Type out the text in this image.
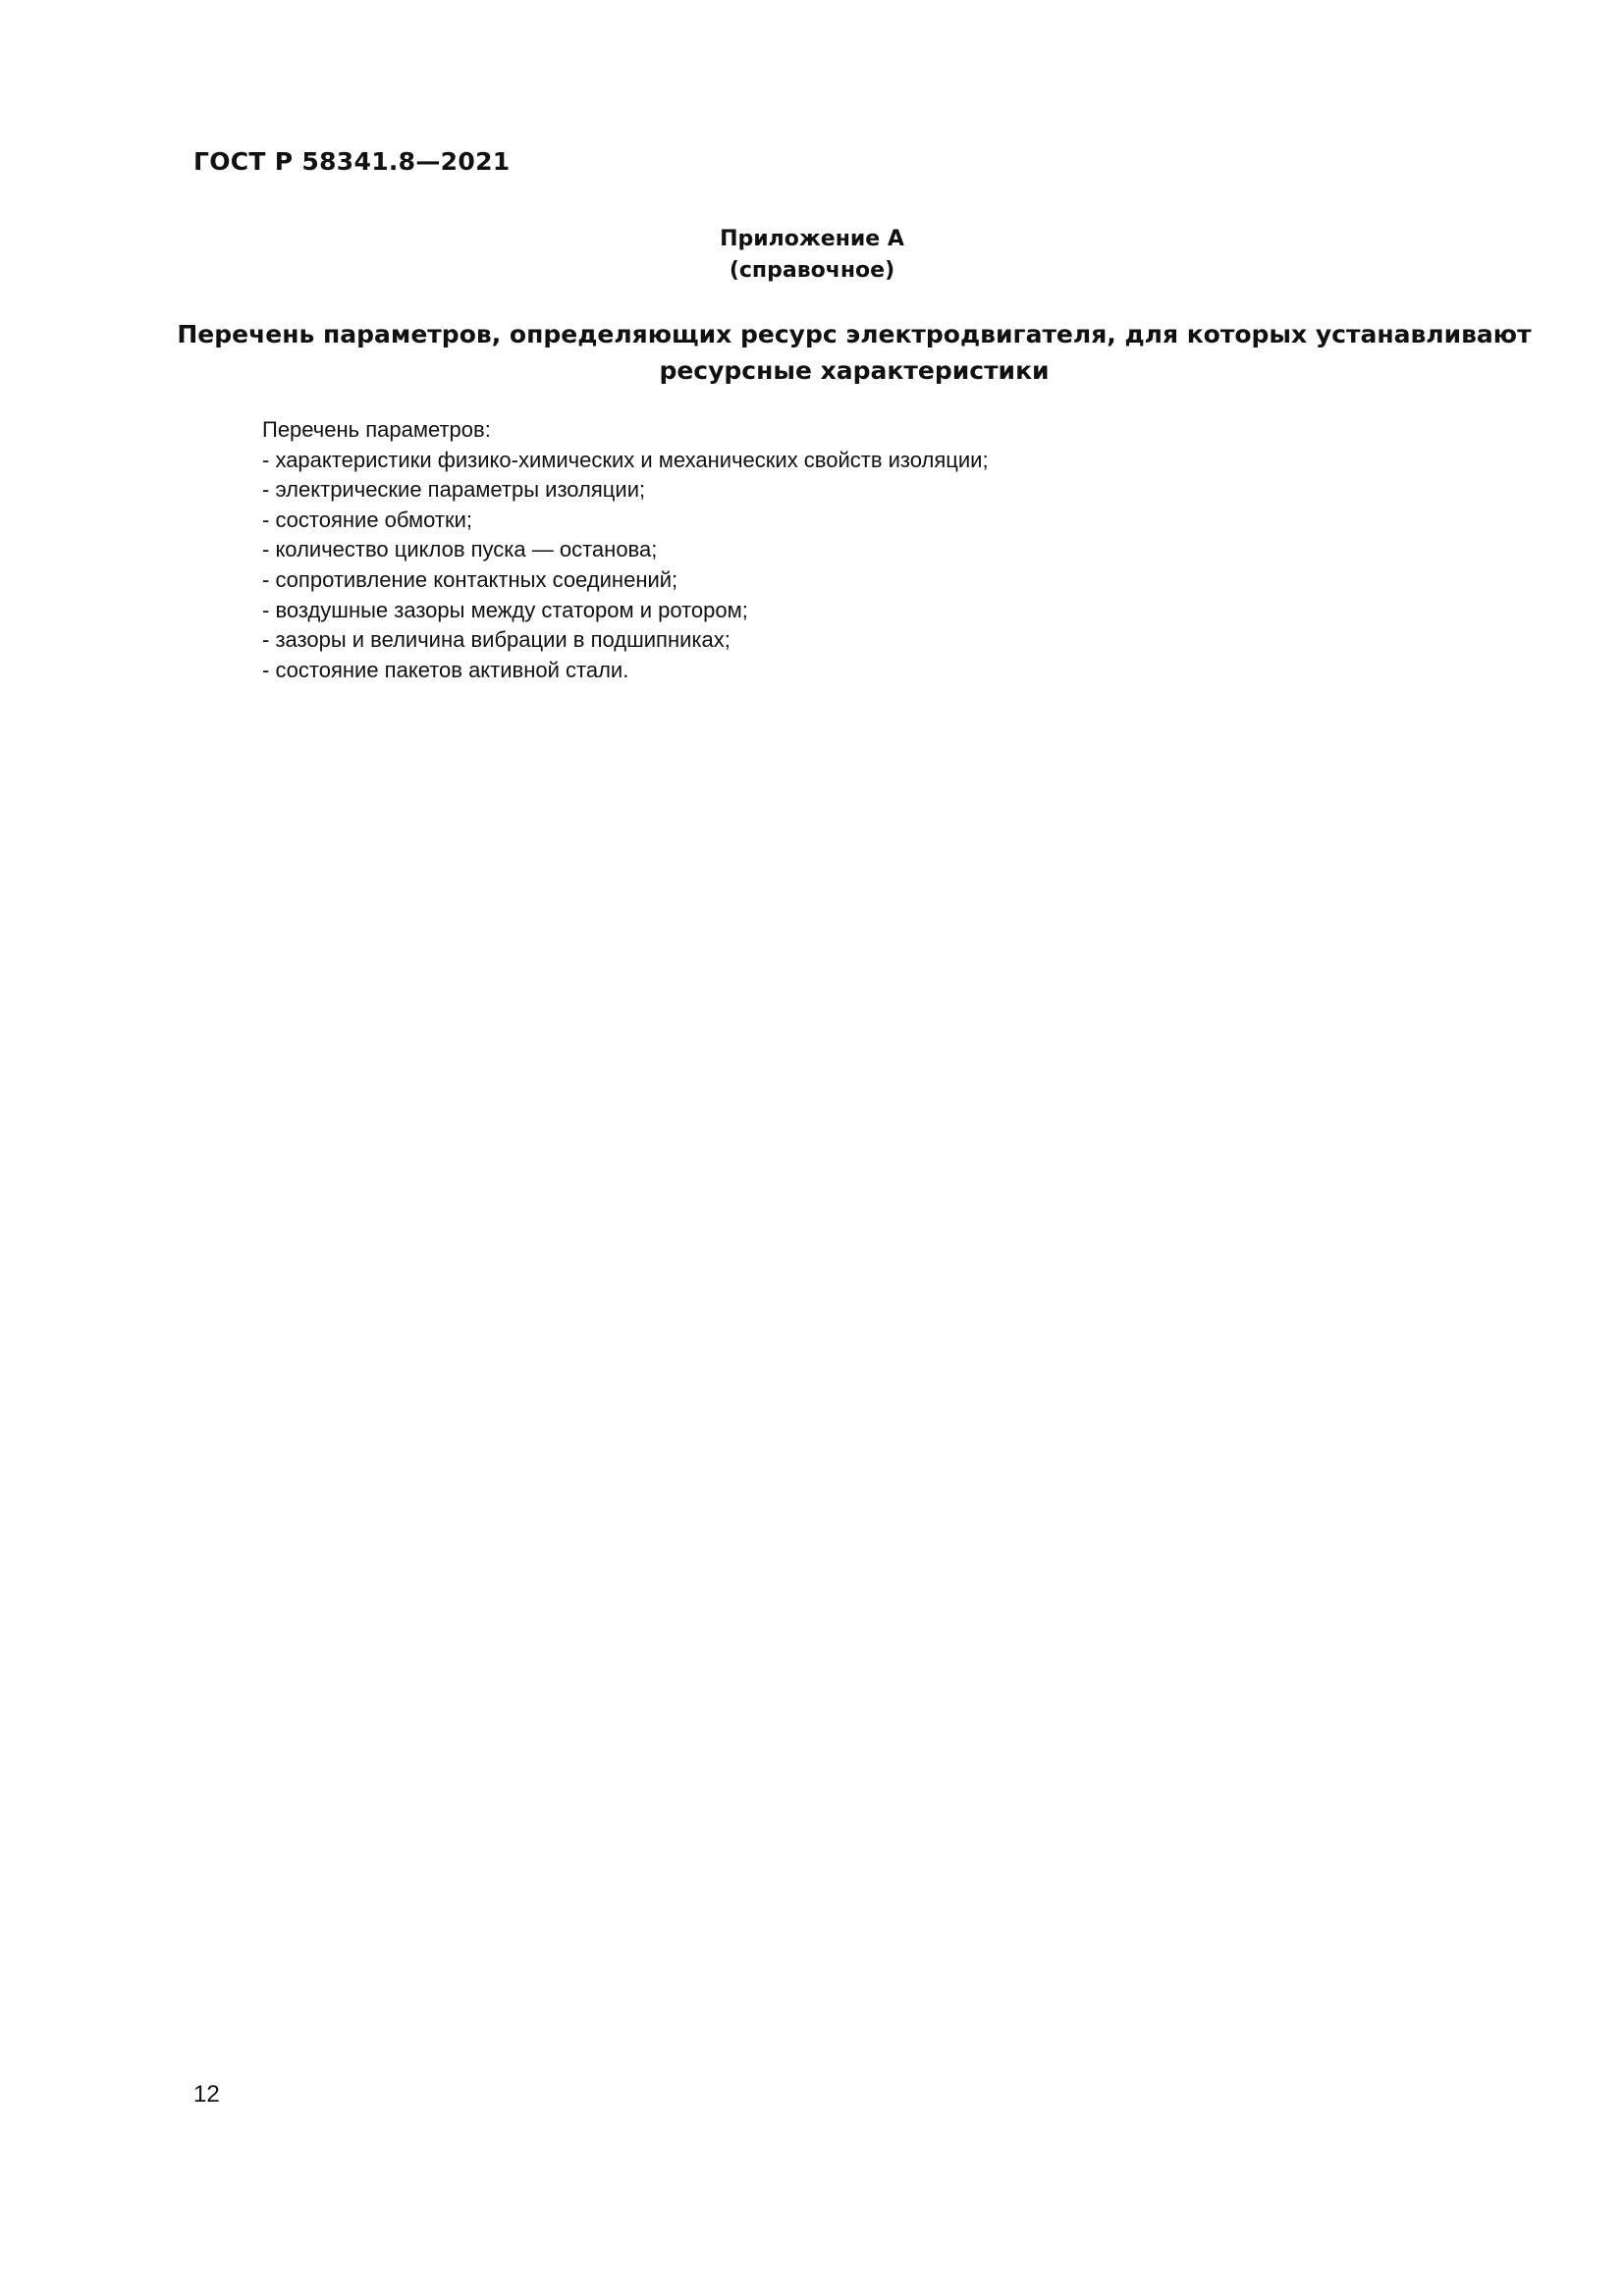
ГОСТ Р 58341.8—2021
Приложение А
(справочное)
Перечень параметров, определяющих ресурс электродвигателя, для которых устанавливают
ресурсные характеристики
Перечень параметров:
- характеристики физико-химических и механических свойств изоляции;
- электрические параметры изоляции;
- состояние обмотки;
- количество циклов пуска — останова;
- сопротивление контактных соединений;
- воздушные зазоры между статором и ротором;
- зазоры и величина вибрации в подшипниках;
- состояние пакетов активной стали.
12
